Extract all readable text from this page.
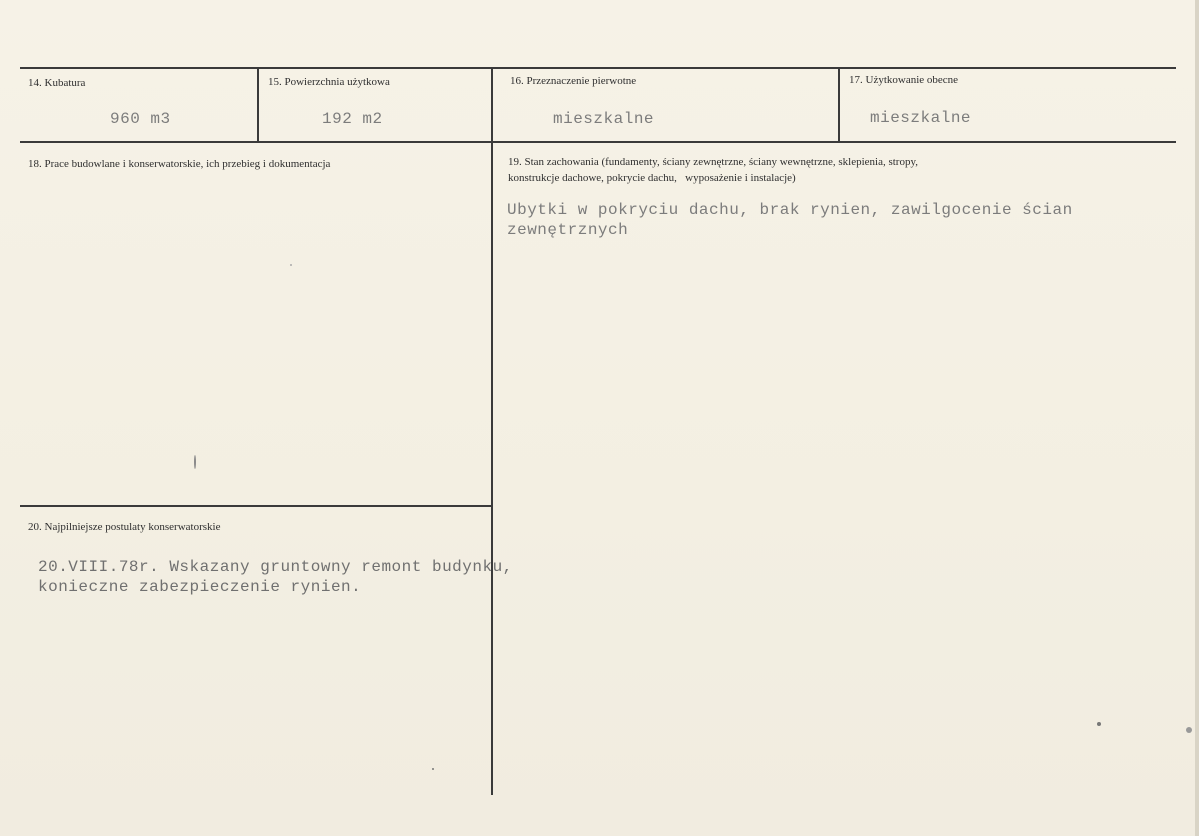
14. Kubatura
960 m3
15. Powierzchnia użytkowa
192 m2
16. Przeznaczenie pierwotne
mieszkalne
17. Użytkowanie obecne
mieszkalne
18. Prace budowlane i konserwatorskie, ich przebieg i dokumentacja	19. Stan zachowania (fundamenty, ściany zewnętrzne, ściany wewnętrzne, sklepienia, stropy,
konstrukcje dachowe, pokrycie dachu,   wyposażenie i instalacje)
Ubytki w pokryciu dachu, brak rynien, zawilgocenie ścian
zewnętrznych
20. Najpilniejsze postulaty konserwatorskie
20.VIII.78r. Wskazany gruntowny remont budynku,
konieczne zabezpieczenie rynien.
